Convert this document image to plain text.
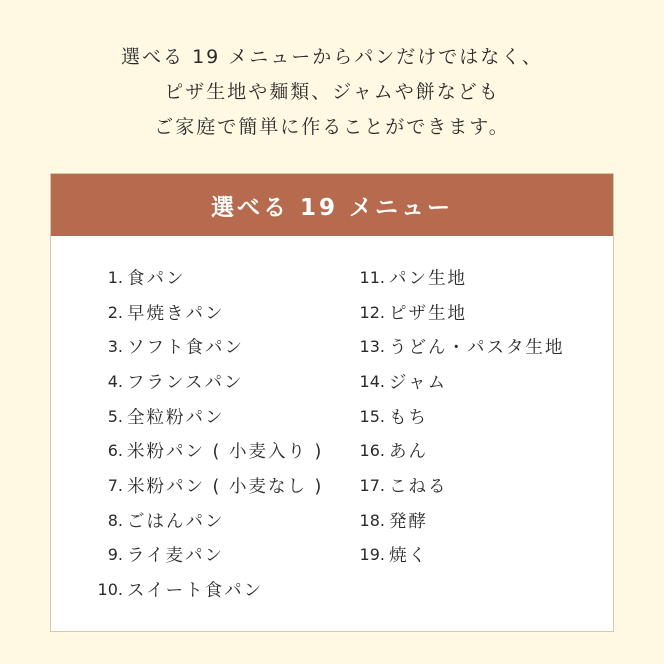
選べる 19 メニューからパンだけではなく、
ピザ生地や麺類、ジャムや餅なども
ご家庭で簡単に作ることができます。
選べる 19 メニュー
1. 食パン
2. 早焼きパン
3. ソフト食パン
4. フランスパン
5. 全粒粉パン
6. 米粉パン ( 小麦入り )
7. 米粉パン ( 小麦なし )
8. ごはんパン
9. ライ麦パン
10. スイート食パン
11. パン生地
12. ピザ生地
13. うどん・パスタ生地
14. ジャム
15. もち
16. あん
17. こねる
18. 発酵
19. 焼く
